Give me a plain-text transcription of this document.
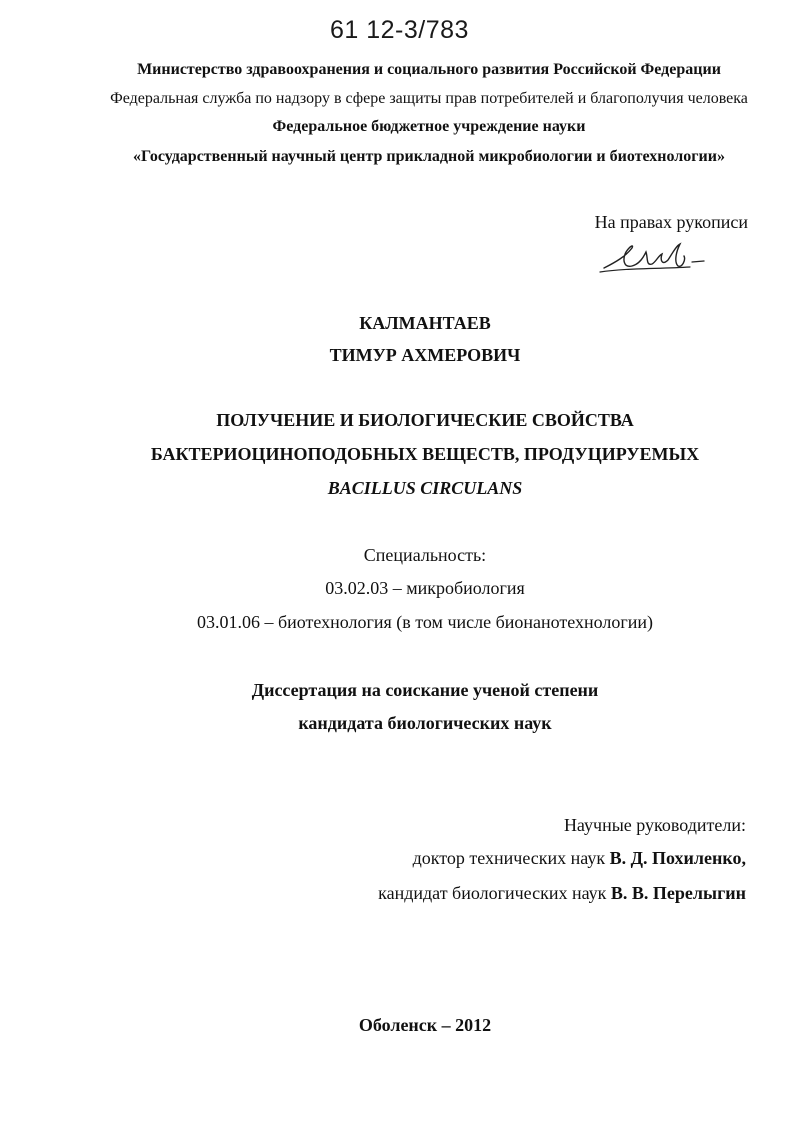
61 12-3/783
Министерство здравоохранения и социального развития Российской Федерации
Федеральная служба по надзору в сфере защиты прав потребителей и благополучия человека
Федеральное бюджетное учреждение науки
«Государственный научный центр прикладной микробиологии и биотехнологии»
На правах рукописи
КАЛМАНТАЕВ
ТИМУР АХМЕРОВИЧ
ПОЛУЧЕНИЕ И БИОЛОГИЧЕСКИЕ СВОЙСТВА
БАКТЕРИОЦИНОПОДОБНЫХ ВЕЩЕСТВ, ПРОДУЦИРУЕМЫХ
BACILLUS CIRCULANS
Специальность:
03.02.03 – микробиология
03.01.06 – биотехнология (в том числе бионанотехнологии)
Диссертация на соискание ученой степени
кандидата биологических наук
Научные руководители:
доктор технических наук В. Д. Похиленко,
кандидат биологических наук В. В. Перелыгин
Оболенск – 2012
